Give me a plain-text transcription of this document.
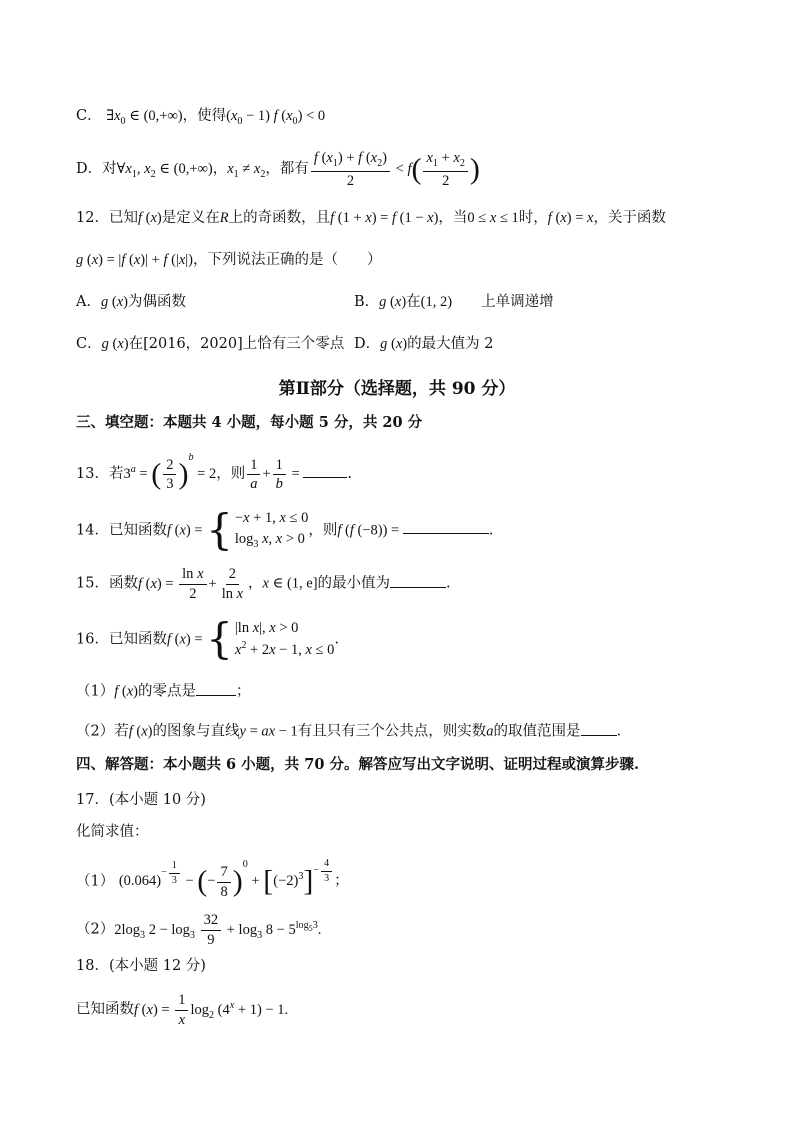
C． $\exists x_0$ ∈ (0,+∞)，使得$(x_0 - 1)$ f $(x_0) < 0$
D．对$\forall x_1$, $x_2$ ∈ (0,+∞)，$x_1 \ne x_2$，都有 $\frac{f (x_1) + f (x_2)}{2} < f( \frac{x_1 + x_2}{2}$ )
12．已知f (x)是定义在R上的奇函数，且f (1 + x) = f (1 − x)，当0 ≤ x ≤ 1时，f (x) = x，关于函数
g (x) = |f (x)| + f (|x|)，下列说法正确的是（　　）
A．g (x)为偶函数	B．g (x)在(1, 2)　　 上单调递增
C．g (x)在[2016，2020]上恰有三个零点 D．g (x)的最大值为 2
第Ⅱ部分（选择题，共 90 分）
三、填空题：本题共 4 小题，每小题 5 分，共 20 分
13．若$3^a$ = ( $\frac{2}{3} )^b = 2$，则 $\frac{1}{a} + \frac{1}{b}$ =	.
14．已知函数f (x) = { −x + 1, x ≤ 0
$\log_3 x$, x > 0
，则f (f (−8)) =	.
15．函数f $(x) = \frac{\text{ln x}}{2} + \frac{2}{\text{ln x}}$ ，x ∈ (1, e]的最小值为	.
16．已知函数f (x) = { |ln x|, x > 0
$x^2 + 2x - 1$, x ≤ 0
.
（1）f (x)的零点是	；
（2）若f (x)的图象与直线y = ax − 1有且只有三个公共点，则实数a的取值范围是 .
四、解答题：本小题共 6 小题，共 70 分。解答应写出文字说明、证明过程或演算步骤.
17．(本小题 10 分)
化简求值：
（1） $(0.064)^{- \frac{1}{3}}$ − (− $\frac{7}{8} )^0 + [(-2)^3]^{- \frac{4}{3}}$ ；
$(2)2\log_3$ $2 - \log_3 \frac{32}{9} + \log_3 8 - 5^{log_53}$.
18．(本小题 12 分)
已知函数f $(x) = \frac{1}{x} \log_2 (4^x + 1) - 1$.
